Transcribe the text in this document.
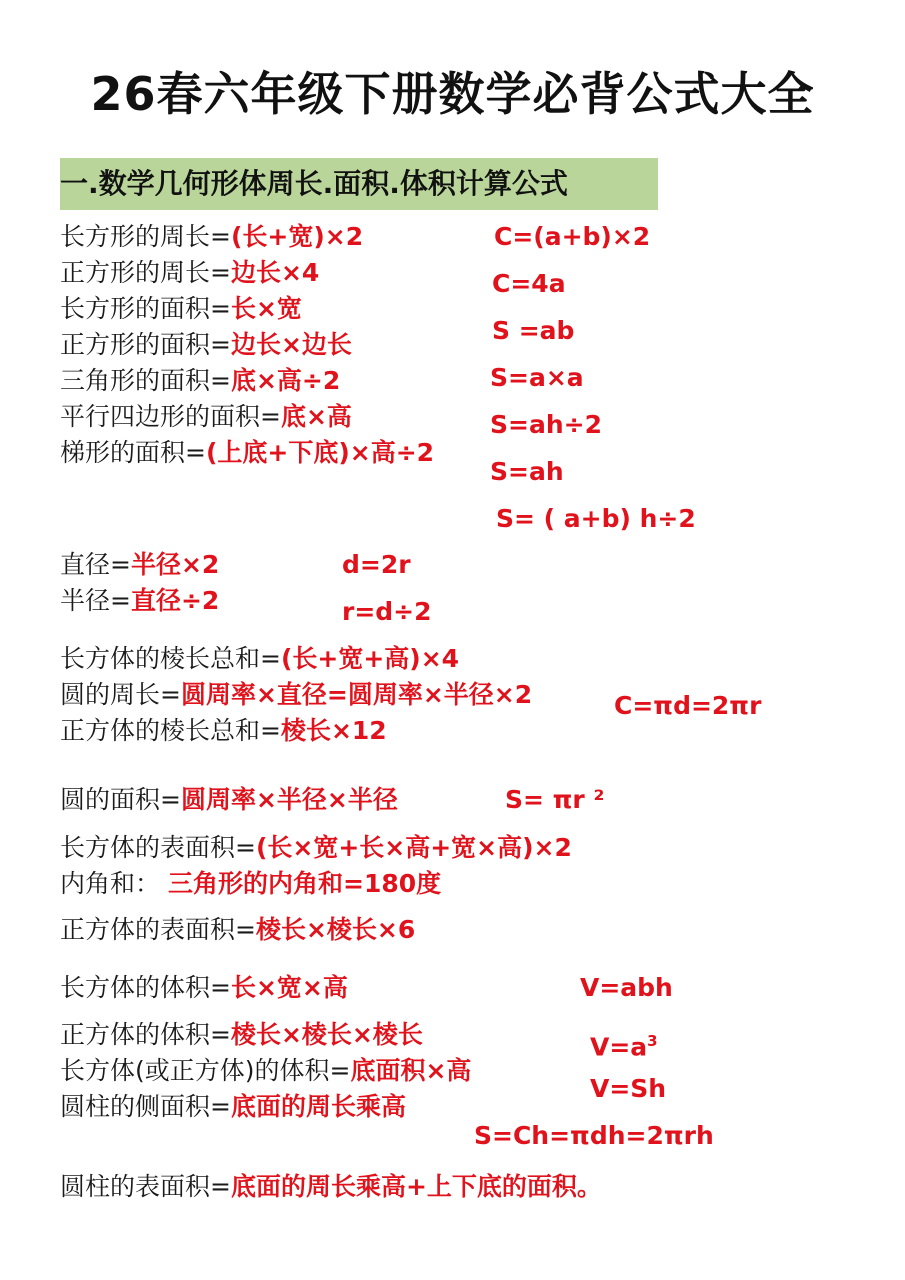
26春六年级下册数学必背公式大全
一.数学几何形体周长.面积.体积计算公式
长方形的周长=(长+宽)×2
正方形的周长=边长×4
长方形的面积=长×宽
正方形的面积=边长×边长
三角形的面积=底×高÷2
平行四边形的面积=底×高
梯形的面积=(上底+下底)×高÷2
直径=半径×2
半径=直径÷2
长方体的棱长总和=(长+宽+高)×4
圆的周长=圆周率×直径=圆周率×半径×2
正方体的棱长总和=棱长×12
圆的面积=圆周率×半径×半径
长方体的表面积=(长×宽+长×高+宽×高)×2
内角和： 三角形的内角和=180度
正方体的表面积=棱长×棱长×6
长方体的体积=长×宽×高
正方体的体积=棱长×棱长×棱长
长方体(或正方体)的体积=底面积×高
圆柱的侧面积=底面的周长乘高
圆柱的表面积=底面的周长乘高+上下底的面积。
C=(a+b)×2
C=4a
S =ab
S=a×a
S=ah÷2
S=ah
S= ( a+b) h÷2
d=2r
r=d÷2
C=πd=2πr
S= πr ²
V=abh
$V=a^3$
V=Sh
S=Ch=πdh=2πrh
